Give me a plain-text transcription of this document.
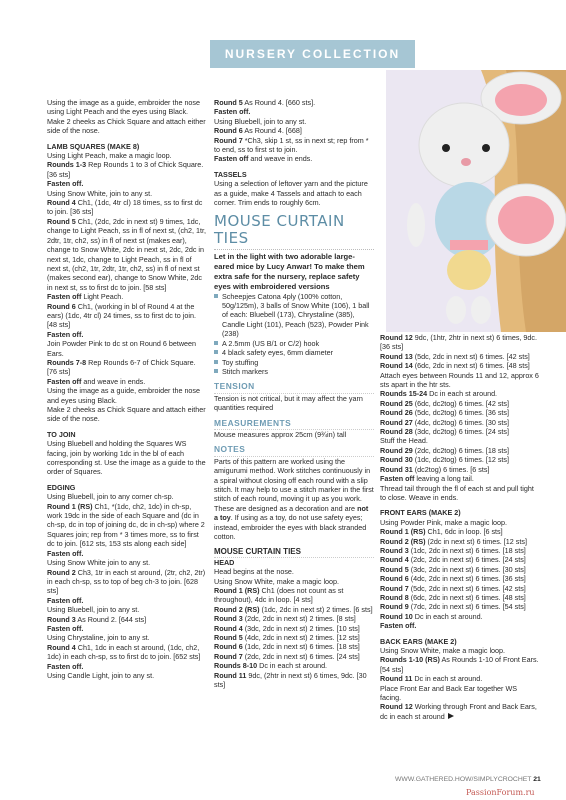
NURSERY COLLECTION

Using the image as a guide, embroider the nose using Light Peach and the eyes using Black.

Make 2 cheeks as Chick Square and attach either side of the nose.

LAMB SQUARES (MAKE 8)

Using Light Peach, make a magic loop.

Rounds 1-3 Rep Rounds 1 to 3 of Chick Square. [36 sts]

Fasten off.

Using Snow White, join to any st.

Round 4 Ch1, (1dc, 4tr cl) 18 times, ss to first dc to join. [36 sts]

Round 5 Ch1, (2dc, 2dc in next st) 9 times, 1dc, change to Light Peach, ss in fl of next st, (ch2, 1tr, 2dtr, 1tr, ch2, ss) in fl of next st (makes ear), change to Snow White, 2dc in next st, 2dc, 2dc in next st, 1dc, change to Light Peach, ss in fl of next st, (ch2, 1tr, 2dtr, 1tr, ch2, ss) in fl of next st (makes second ear), change to Snow White, 2dc in next st, ss to first dc to join. [58 sts]

Fasten off Light Peach.

Round 6 Ch1, (working in bl of Round 4 at the ears) (1dc, 4tr cl) 24 times, ss to first dc to join. [48 sts]

Fasten off.

Join Powder Pink to dc st on Round 6 between Ears.

Rounds 7-8 Rep Rounds 6-7 of Chick Square. [76 sts]

Fasten off and weave in ends.

Using the image as a guide, embroider the nose and eyes using Black.

Make 2 cheeks as Chick Square and attach either side of the nose.

TO JOIN

Using Bluebell and holding the Squares WS facing, join by working 1dc in the bl of each corresponding st. Use the image as a guide to the order of Squares.

EDGING

Using Bluebell, join to any corner ch-sp.

Round 1 (RS) Ch1, *(1dc, ch2, 1dc) in ch-sp, work 19dc in the side of each Square and (dc in ch-sp, dc in top of joining dc, dc in ch-sp) where 2 Squares join; rep from * 3 times more, ss to first dc to join. [612 sts, 153 sts along each side]

Fasten off.

Using Snow White join to any st.

Round 2 Ch3, 1tr in each st around, (2tr, ch2, 2tr) in each ch-sp, ss to top of beg ch-3 to join. [628 sts]

Fasten off.

Using Bluebell, join to any st.

Round 3 As Round 2. [644 sts]

Fasten off.

Using Chrystaline, join to any st.

Round 4 Ch1, 1dc in each st around, (1dc, ch2, 1dc) in each ch-sp, ss to first dc to join. [652 sts]

Fasten off.

Using Candle Light, join to any st.

Round 5 As Round 4. [660 sts].

Fasten off.

Using Bluebell, join to any st.

Round 6 As Round 4. [668]

Round 7 *Ch3, skip 1 st, ss in next st; rep from * to end, ss to first st to join.

Fasten off and weave in ends.

TASSELS

Using a selection of leftover yarn and the picture as a guide, make 4 Tassels and attach to each corner. Trim ends to roughly 6cm.

MOUSE CURTAIN TIES

Let in the light with two adorable large-eared mice by Lucy Anwar! To make them extra safe for the nursery, replace safety eyes with embroidered versions

Scheepjes Catona 4ply (100% cotton, 50g/125m), 3 balls of Snow White (106), 1 ball of each: Bluebell (173), Chrystaline (385), Candle Light (101), Peach (523), Powder Pink (238)
A 2.5mm (US B/1 or C/2) hook
4 black safety eyes, 6mm diameter
Toy stuffing
Stitch markers

TENSION

Tension is not critical, but it may affect the yarn quantities required

MEASUREMENTS

Mouse measures approx 25cm (9¾in) tall

NOTES

Parts of this pattern are worked using the amigurumi method. Work stitches continuously in a spiral without closing off each round with a slip stitch. It may help to use a stitch marker in the first stitch of each round, moving it up as you work. These are designed as a decoration and are not a toy. If using as a toy, do not use safety eyes; instead, embroider the eyes with black stranded cotton.

MOUSE CURTAIN TIES

HEAD

Head begins at the nose.

Using Snow White, make a magic loop.

Round 1 (RS) Ch1 (does not count as st throughout), 4dc in loop. [4 sts]

Round 2 (RS) (1dc, 2dc in next st) 2 times. [6 sts]

Round 3 (2dc, 2dc in next st) 2 times. [8 sts]

Round 4 (3dc, 2dc in next st) 2 times. [10 sts]

Round 5 (4dc, 2dc in next st) 2 times. [12 sts]

Round 6 (1dc, 2dc in next st) 6 times. [18 sts]

Round 7 (2dc, 2dc in next st) 6 times. [24 sts]

Rounds 8-10 Dc in each st around.

Round 11 9dc, (2htr in next st) 6 times, 9dc. [30 sts]

Round 12 9dc, (1htr, 2htr in next st) 6 times, 9dc. [36 sts]

Round 13 (5dc, 2dc in next st) 6 times. [42 sts]

Round 14 (6dc, 2dc in next st) 6 times. [48 sts]

Attach eyes between Rounds 11 and 12, approx 6 sts apart in the htr sts.

Rounds 15-24 Dc in each st around.

Round 25 (6dc, dc2tog) 6 times. [42 sts]

Round 26 (5dc, dc2tog) 6 times. [36 sts]

Round 27 (4dc, dc2tog) 6 times. [30 sts]

Round 28 (3dc, dc2tog) 6 times. [24 sts]

Stuff the Head.

Round 29 (2dc, dc2tog) 6 times. [18 sts]

Round 30 (1dc, dc2tog) 6 times. [12 sts]

Round 31 (dc2tog) 6 times. [6 sts]

Fasten off leaving a long tail.

Thread tail through the fl of each st and pull tight to close. Weave in ends.

FRONT EARS (MAKE 2)

Using Powder Pink, make a magic loop.

Round 1 (RS) Ch1, 6dc in loop. [6 sts]

Round 2 (RS) (2dc in next st) 6 times. [12 sts]

Round 3 (1dc, 2dc in next st) 6 times. [18 sts]

Round 4 (2dc, 2dc in next st) 6 times. [24 sts]

Round 5 (3dc, 2dc in next st) 6 times. [30 sts]

Round 6 (4dc, 2dc in next st) 6 times. [36 sts]

Round 7 (5dc, 2dc in next st) 6 times. [42 sts]

Round 8 (6dc, 2dc in next st) 6 times. [48 sts]

Round 9 (7dc, 2dc in next st) 6 times. [54 sts]

Round 10 Dc in each st around.

Fasten off.

BACK EARS (MAKE 2)

Using Snow White, make a magic loop.

Rounds 1-10 (RS) As Rounds 1-10 of Front Ears. [54 sts]

Round 11 Dc in each st around.

Place Front Ear and Back Ear together WS facing.

Round 12 Working through Front and Back Ears, dc in each st around

WWW.GATHERED.HOW/SIMPLYCROCHET 21
PassionForum.ru
